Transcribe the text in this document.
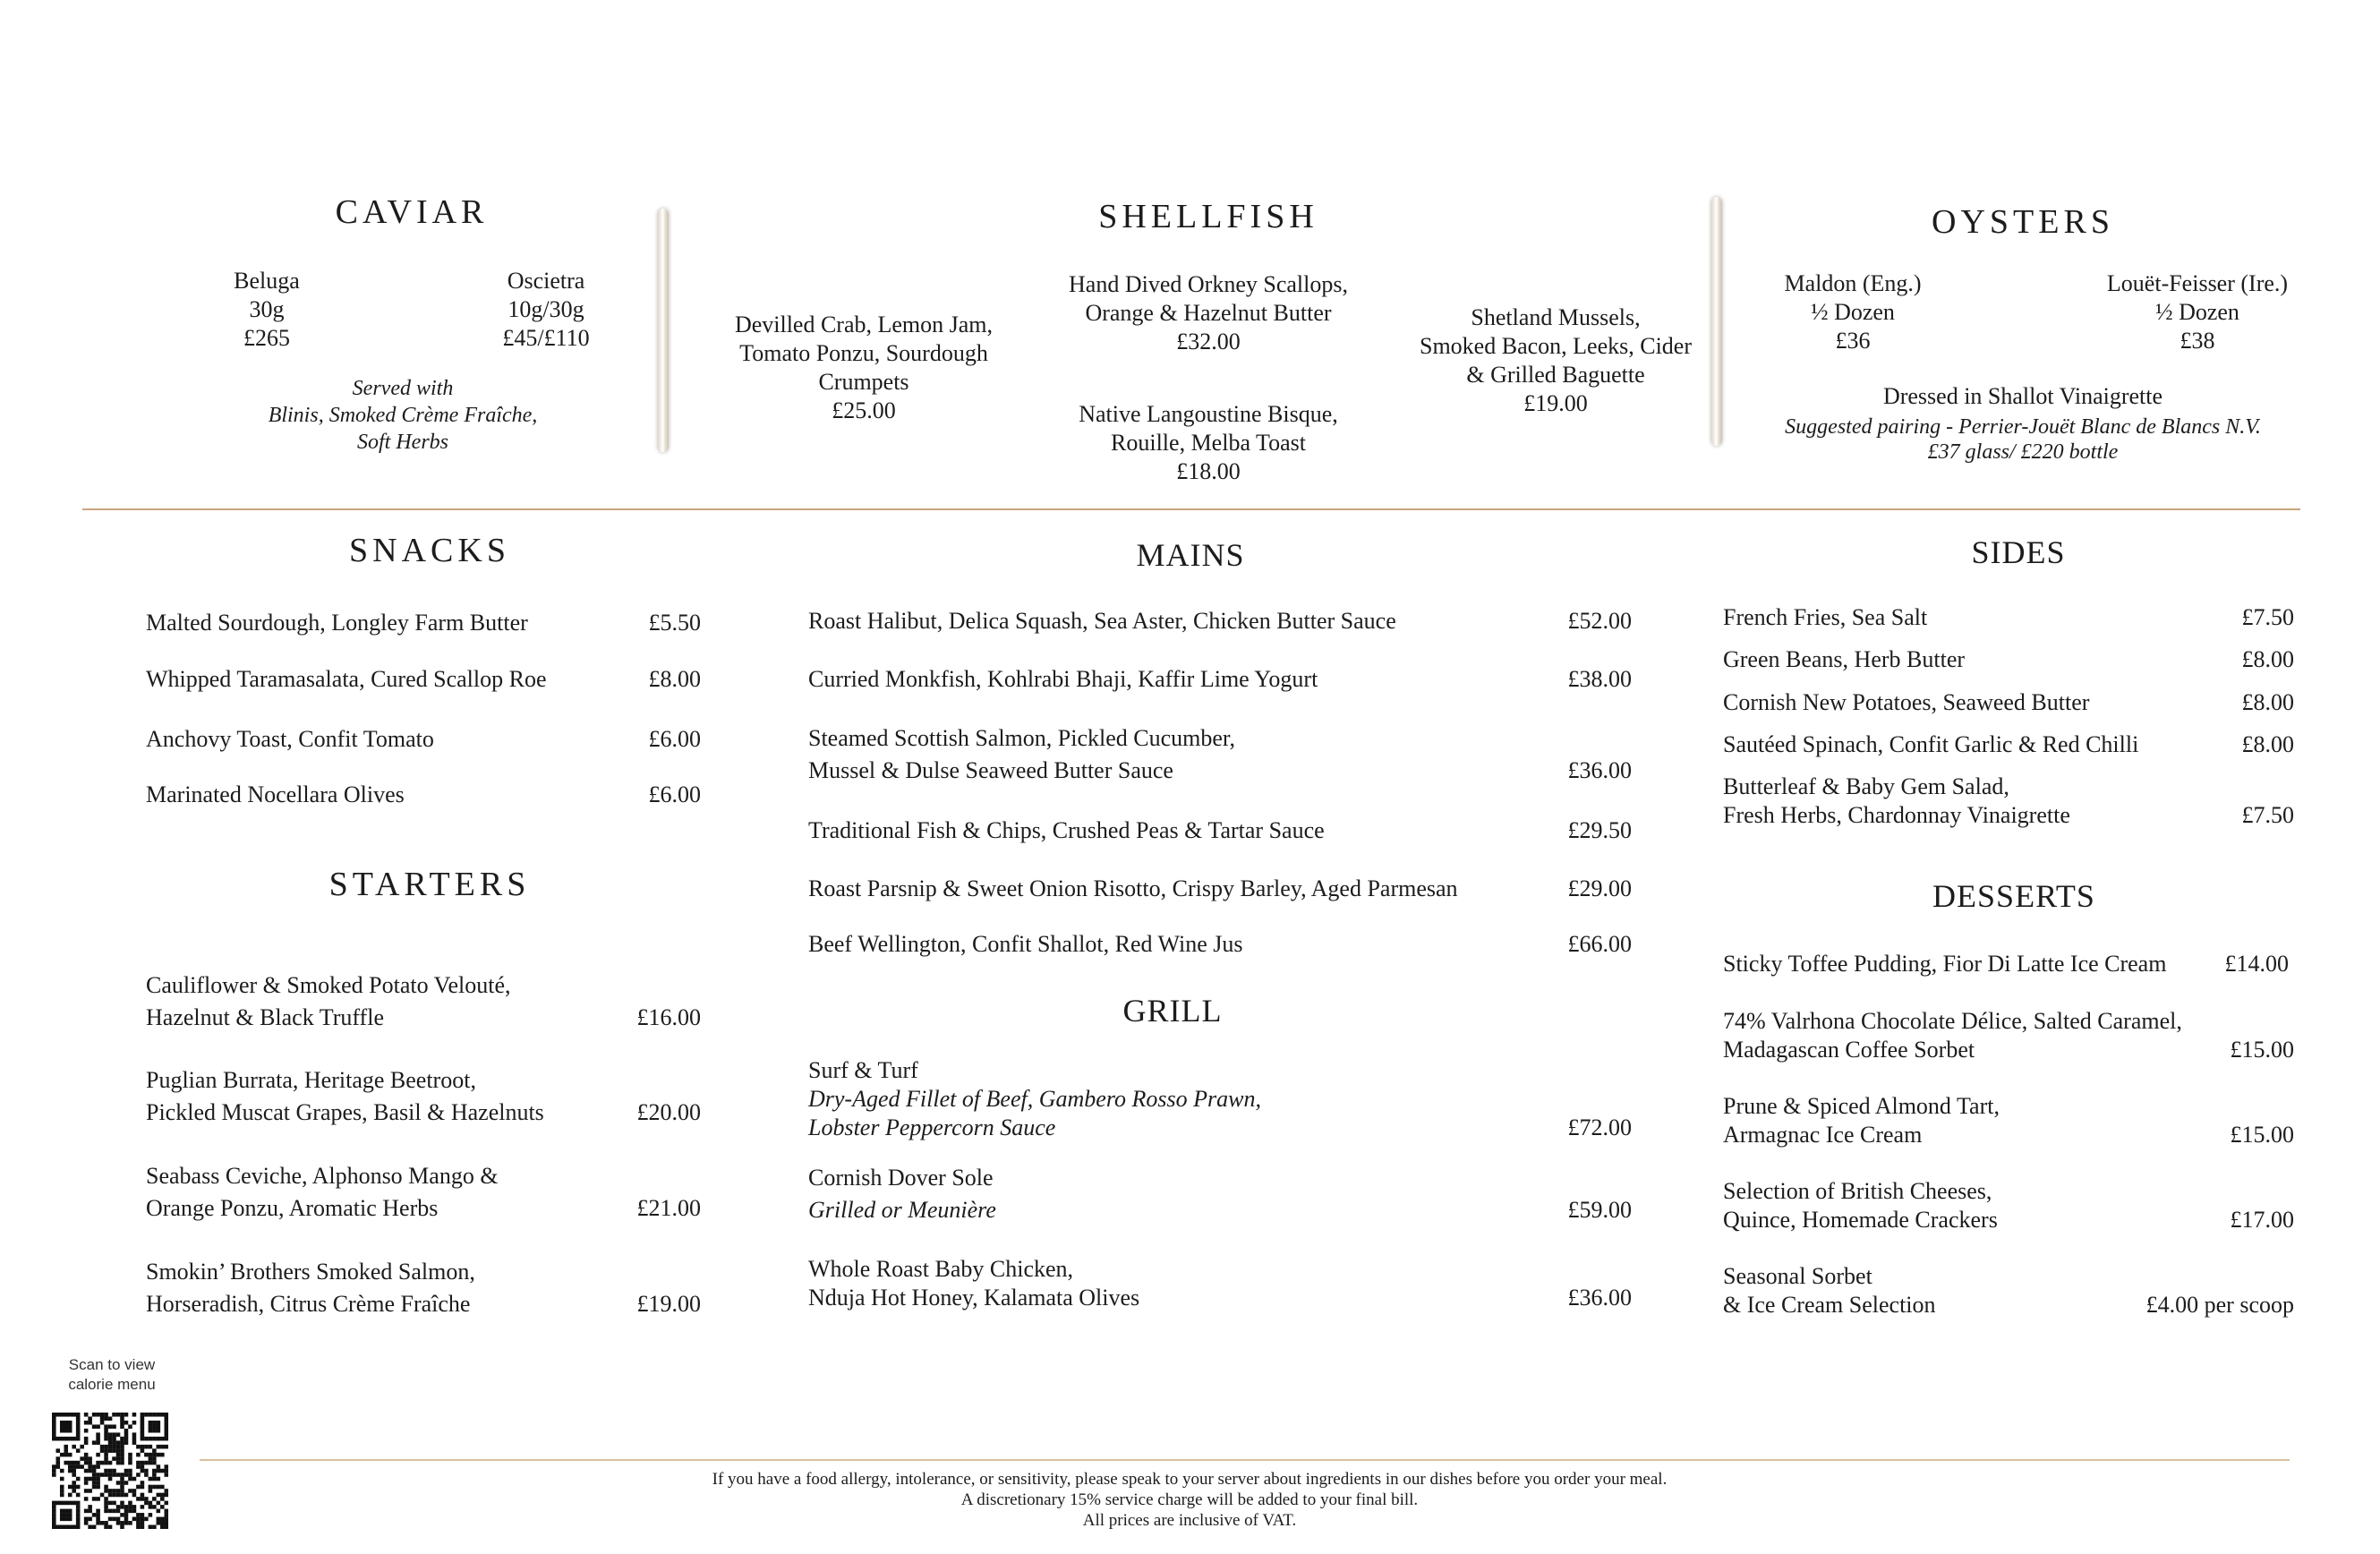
CAVIAR
Beluga
30g
£265
Oscietra
10g/30g
£45/£110
Served with
Blinis, Smoked Crème Fraîche,
Soft Herbs
SHELLFISH
Devilled Crab, Lemon Jam,
Tomato Ponzu, Sourdough
Crumpets
£25.00
Hand Dived Orkney Scallops,
Orange & Hazelnut Butter
£32.00
Native Langoustine Bisque,
Rouille, Melba Toast
£18.00
Shetland Mussels,
Smoked Bacon, Leeks, Cider
& Grilled Baguette
£19.00
OYSTERS
Maldon (Eng.)
½ Dozen
£36
Louët-Feisser (Ire.)
½ Dozen
£38
Dressed in Shallot Vinaigrette
Suggested pairing - Perrier-Jouët Blanc de Blancs N.V.
£37 glass/ £220 bottle
SNACKS
Malted Sourdough, Longley Farm Butter	£5.50
Whipped Taramasalata, Cured Scallop Roe	£8.00
Anchovy Toast, Confit Tomato	£6.00
Marinated Nocellara Olives	£6.00
STARTERS
Cauliflower & Smoked Potato Velouté,
Hazelnut & Black Truffle	£16.00
Puglian Burrata, Heritage Beetroot,
Pickled Muscat Grapes, Basil & Hazelnuts	£20.00
Seabass Ceviche, Alphonso Mango &
Orange Ponzu, Aromatic Herbs	£21.00
Smokin’ Brothers Smoked Salmon,
Horseradish, Citrus Crème Fraîche	£19.00
MAINS
Roast Halibut, Delica Squash, Sea Aster, Chicken Butter Sauce	£52.00
Curried Monkfish, Kohlrabi Bhaji, Kaffir Lime Yogurt	£38.00
Steamed Scottish Salmon, Pickled Cucumber,
Mussel & Dulse Seaweed Butter Sauce	£36.00
Traditional Fish & Chips, Crushed Peas & Tartar Sauce	£29.50
Roast Parsnip & Sweet Onion Risotto, Crispy Barley, Aged Parmesan	£29.00
Beef Wellington, Confit Shallot, Red Wine Jus	£66.00
GRILL
Surf & Turf
Dry-Aged Fillet of Beef, Gambero Rosso Prawn,
Lobster Peppercorn Sauce	£72.00
Cornish Dover Sole
Grilled or Meunière	£59.00
Whole Roast Baby Chicken,
Nduja Hot Honey, Kalamata Olives	£36.00
SIDES
French Fries, Sea Salt	£7.50
Green Beans, Herb Butter	£8.00
Cornish New Potatoes, Seaweed Butter	£8.00
Sautéed Spinach, Confit Garlic & Red Chilli	£8.00
Butterleaf & Baby Gem Salad,
Fresh Herbs, Chardonnay Vinaigrette	£7.50
DESSERTS
Sticky Toffee Pudding, Fior Di Latte Ice Cream	£14.00
74% Valrhona Chocolate Délice, Salted Caramel,
Madagascan Coffee Sorbet	£15.00
Prune & Spiced Almond Tart,
Armagnac Ice Cream	£15.00
Selection of British Cheeses,
Quince, Homemade Crackers	£17.00
Seasonal Sorbet
& Ice Cream Selection	£4.00 per scoop
Scan to view
calorie menu
If you have a food allergy, intolerance, or sensitivity, please speak to your server about ingredients in our dishes before you order your meal.
A discretionary 15% service charge will be added to your final bill.
All prices are inclusive of VAT.
